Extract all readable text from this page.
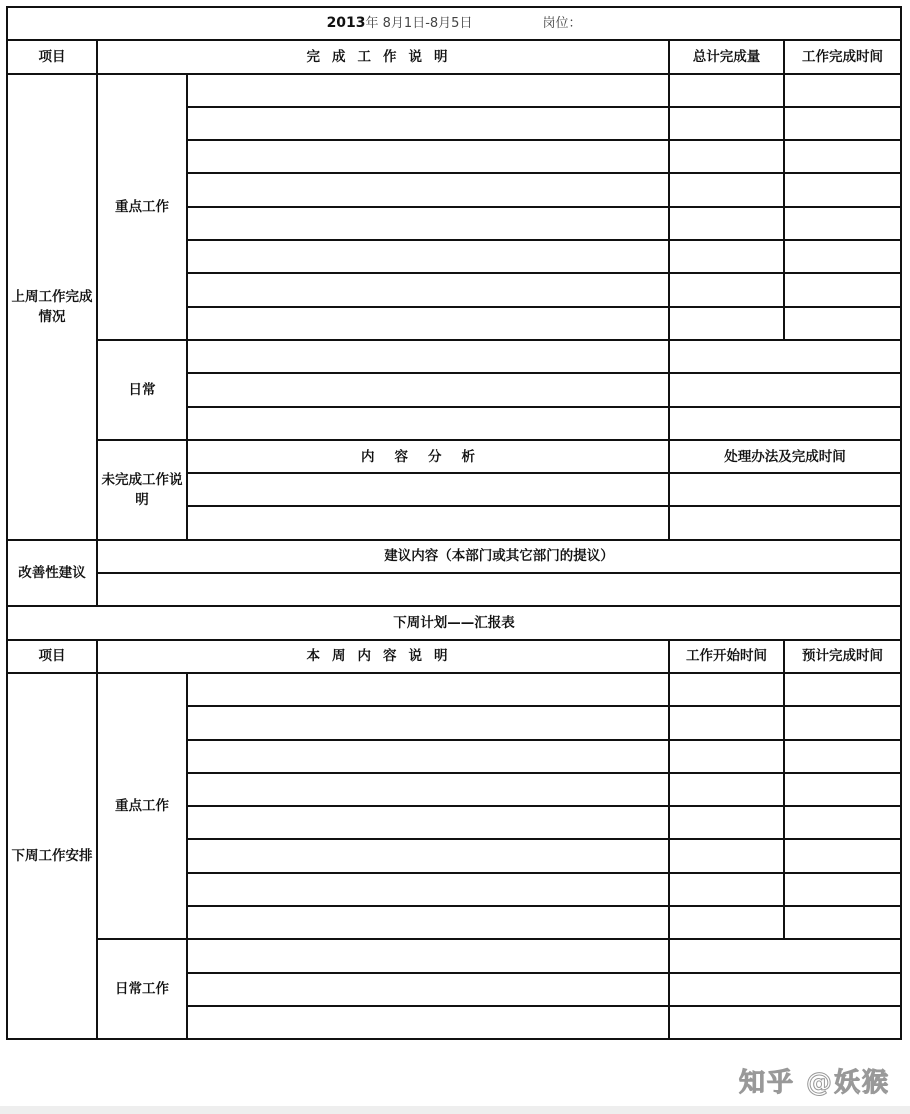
2013年 8月1日-8月5日 岗位：				
项目	完成工作说明		总计完成量	工作完成时间
上周工作完成情况	重点工作			

	日常			

	未完成工作说明	内容分析	处理办法及完成时间	

改善性建议	建议内容（本部门或其它部门的提议）			

下周计划——汇报表				
项目	本周内容说明		工作开始时间	预计完成时间
下周工作安排	重点工作			

	日常工作			

知乎 @妖猴
